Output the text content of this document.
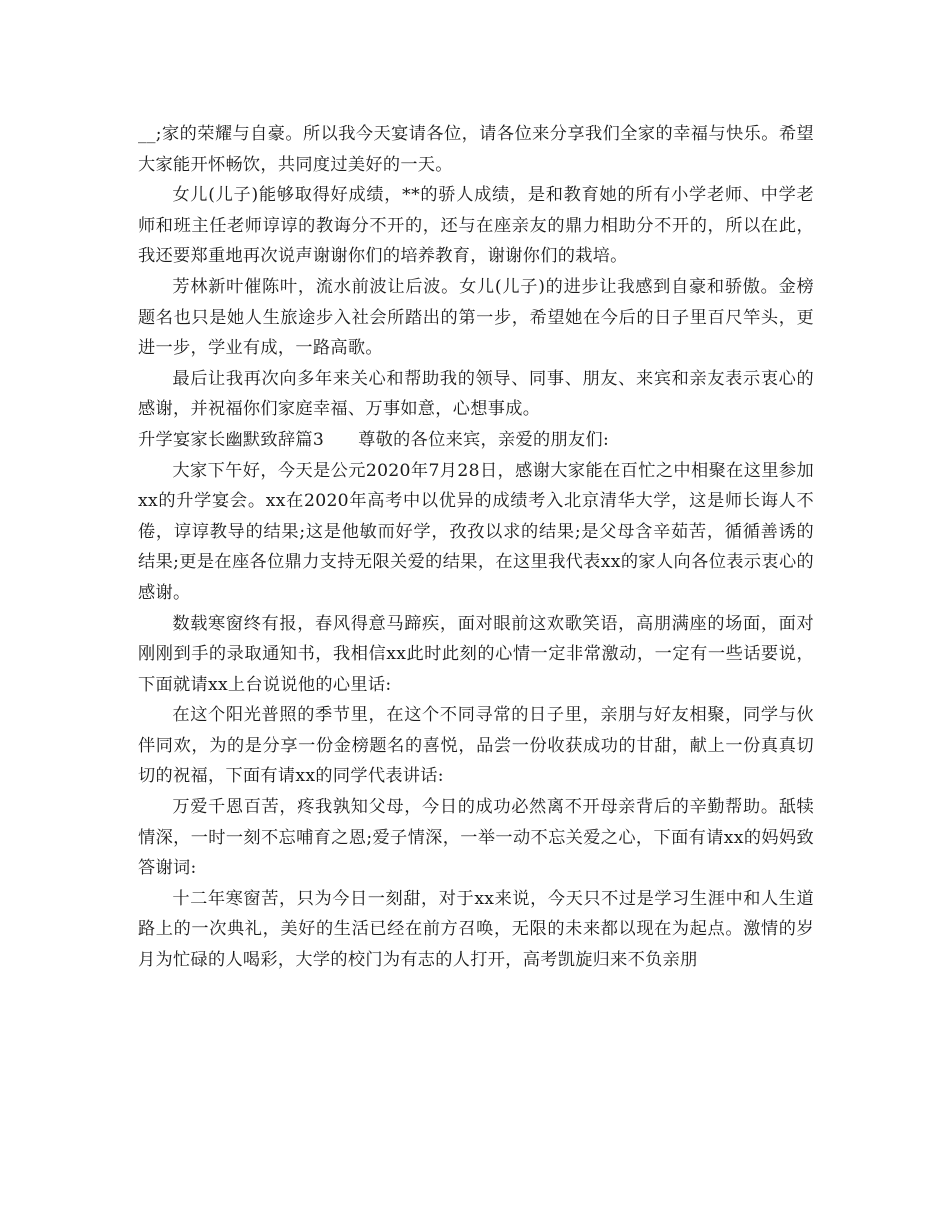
__;家的荣耀与自豪。所以我今天宴请各位，请各位来分享我们全家的幸福与快乐。希望大家能开怀畅饮，共同度过美好的一天。

女儿(儿子)能够取得好成绩，**的骄人成绩，是和教育她的所有小学老师、中学老师和班主任老师谆谆的教诲分不开的，还与在座亲友的鼎力相助分不开的，所以在此，我还要郑重地再次说声谢谢你们的培养教育，谢谢你们的栽培。

芳林新叶催陈叶，流水前波让后波。女儿(儿子)的进步让我感到自豪和骄傲。金榜题名也只是她人生旅途步入社会所踏出的第一步，希望她在今后的日子里百尺竿头，更进一步，学业有成，一路高歌。

最后让我再次向多年来关心和帮助我的领导、同事、朋友、来宾和亲友表示衷心的感谢，并祝福你们家庭幸福、万事如意，心想事成。

升学宴家长幽默致辞篇3 尊敬的各位来宾，亲爱的朋友们:

大家下午好，今天是公元2020年7月28日，感谢大家能在百忙之中相聚在这里参加xx的升学宴会。xx在2020年高考中以优异的成绩考入北京清华大学，这是师长诲人不倦，谆谆教导的结果;这是他敏而好学，孜孜以求的结果;是父母含辛茹苦，循循善诱的结果;更是在座各位鼎力支持无限关爱的结果，在这里我代表xx的家人向各位表示衷心的感谢。

数载寒窗终有报，春风得意马蹄疾，面对眼前这欢歌笑语，高朋满座的场面，面对刚刚到手的录取通知书，我相信xx此时此刻的心情一定非常激动，一定有一些话要说，下面就请xx上台说说他的心里话:

在这个阳光普照的季节里，在这个不同寻常的日子里，亲朋与好友相聚，同学与伙伴同欢，为的是分享一份金榜题名的喜悦，品尝一份收获成功的甘甜，献上一份真真切切的祝福，下面有请xx的同学代表讲话:

万爱千恩百苦，疼我孰知父母，今日的成功必然离不开母亲背后的辛勤帮助。舐犊情深，一时一刻不忘哺育之恩;爱子情深，一举一动不忘关爱之心，下面有请xx的妈妈致答谢词:

十二年寒窗苦，只为今日一刻甜，对于xx来说，今天只不过是学习生涯中和人生道路上的一次典礼，美好的生活已经在前方召唤，无限的未来都以现在为起点。激情的岁月为忙碌的人喝彩，大学的校门为有志的人打开，高考凯旋归来不负亲朋
